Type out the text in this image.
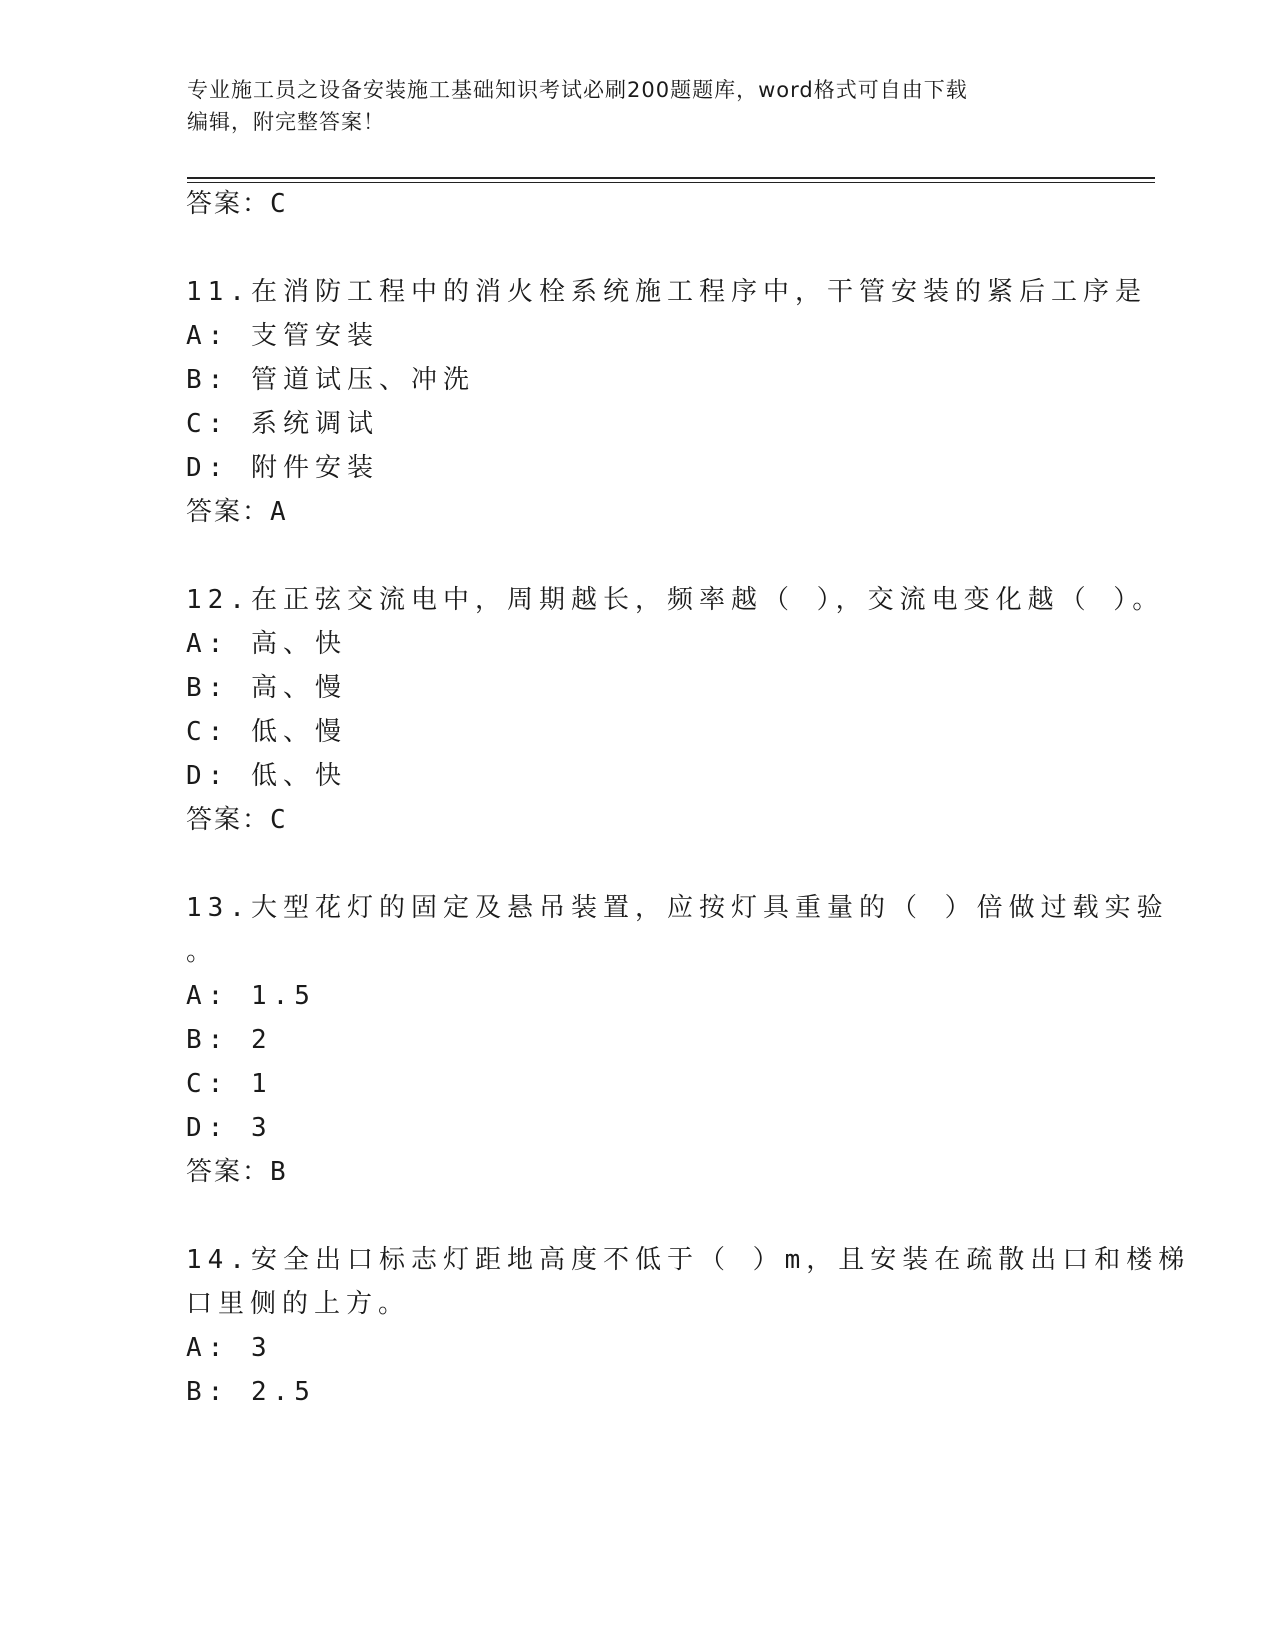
专业施工员之设备安装施工基础知识考试必刷200题题库，word格式可自由下载
编辑，附完整答案！
答案：C
11.在消防工程中的消火栓系统施工程序中，干管安装的紧后工序是
A: 支管安装
B: 管道试压、冲洗
C: 系统调试
D: 附件安装
答案：A
12.在正弦交流电中，周期越长，频率越（ ），交流电变化越（ ）。
A: 高、快
B: 高、慢
C: 低、慢
D: 低、快
答案：C
13.大型花灯的固定及悬吊装置，应按灯具重量的（ ）倍做过载实验
。
A: 1.5
B: 2
C: 1
D: 3
答案：B
14.安全出口标志灯距地高度不低于（ ）m，且安装在疏散出口和楼梯
口里侧的上方。
A: 3
B: 2.5
